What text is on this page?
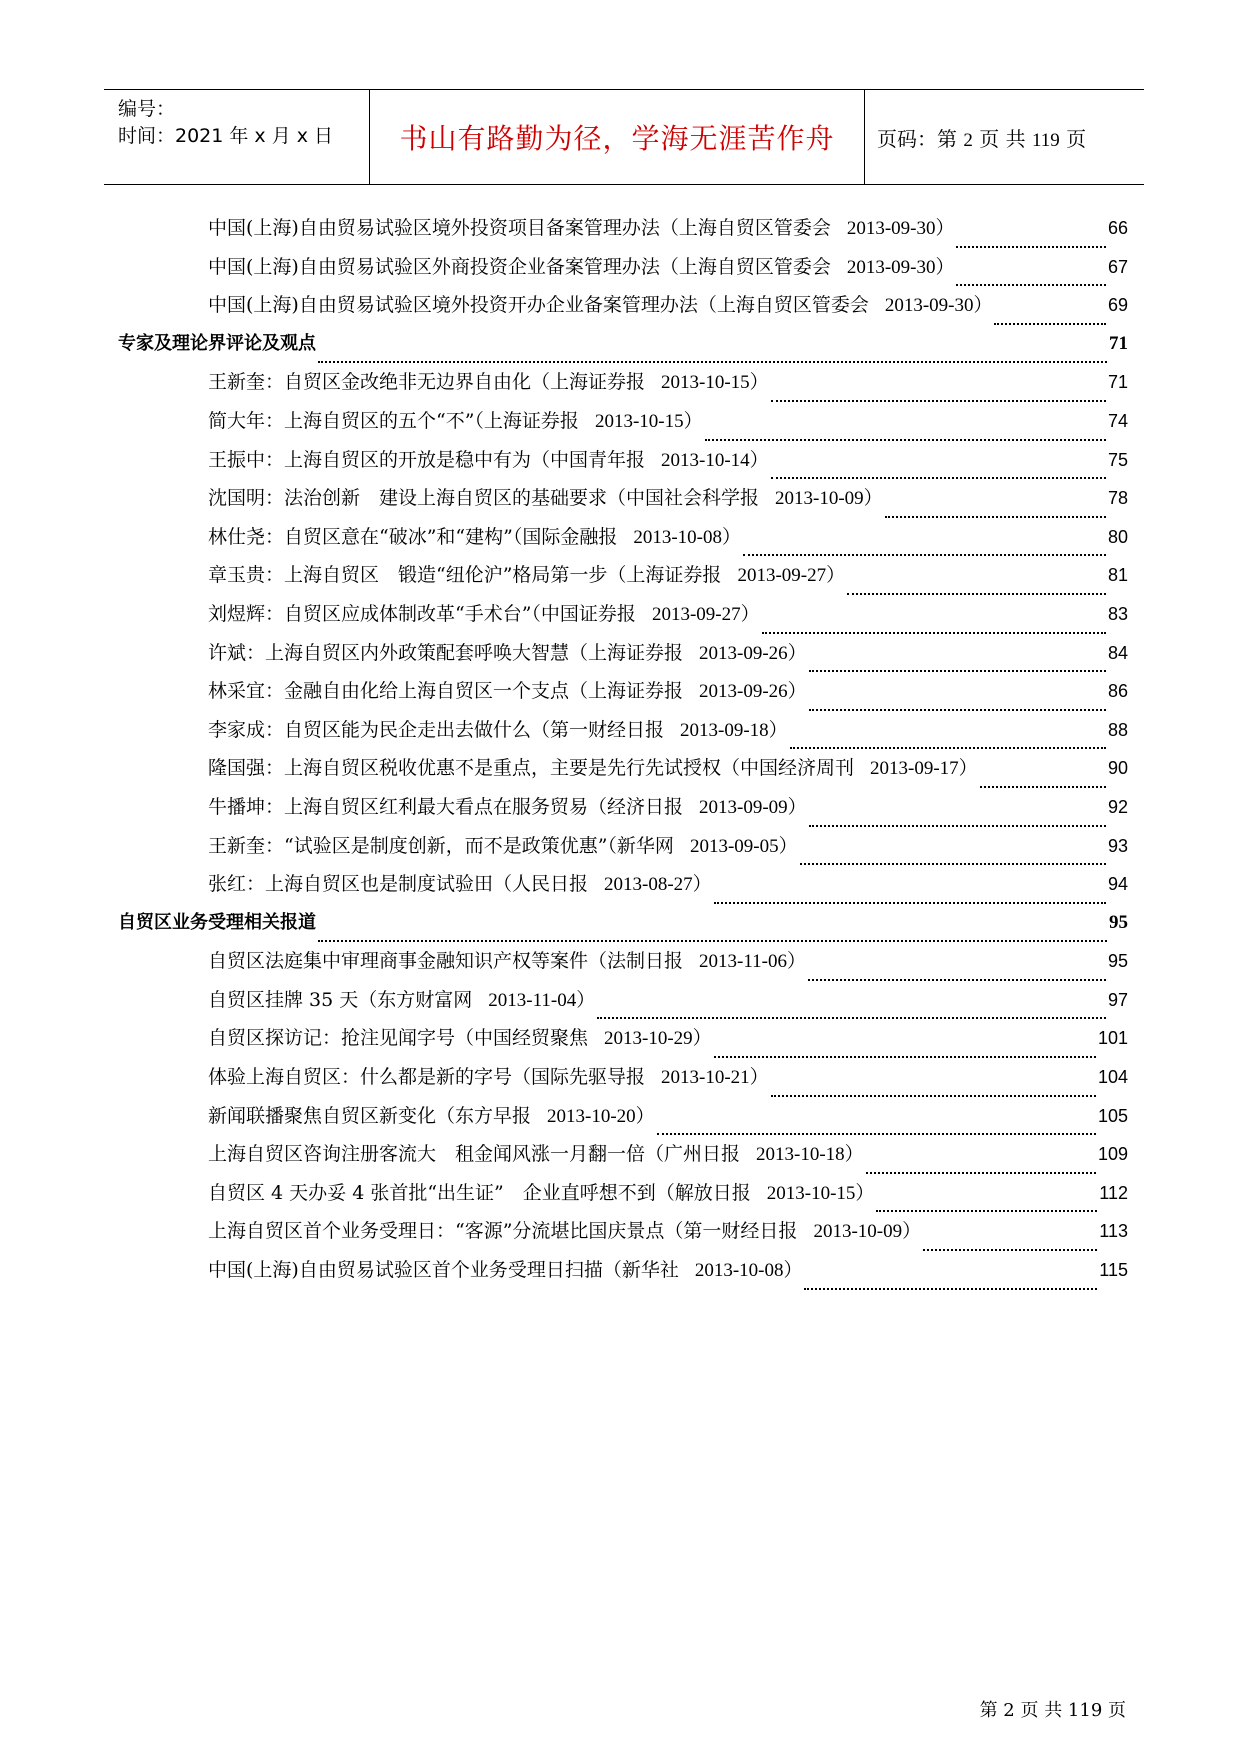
编号：
时间：2021 年 x 月 x 日 书山有路勤为径，学海无涯苦作舟 页码：第 2 页 共 119 页
中国(上海)自由贸易试验区境外投资项目备案管理办法（上海自贸区管委会 2013-09-30）	66
中国(上海)自由贸易试验区外商投资企业备案管理办法（上海自贸区管委会 2013-09-30）	67
中国(上海)自由贸易试验区境外投资开办企业备案管理办法（上海自贸区管委会 2013-09-30）	69
专家及理论界评论及观点	71
王新奎：自贸区金改绝非无边界自由化（上海证券报 2013-10-15）	71
简大年：上海自贸区的五个“不”（上海证券报 2013-10-15）	74
王振中：上海自贸区的开放是稳中有为（中国青年报 2013-10-14）	75
沈国明：法治创新　建设上海自贸区的基础要求（中国社会科学报 2013-10-09）	78
林仕尧：自贸区意在“破冰”和“建构”（国际金融报 2013-10-08）	80
章玉贵：上海自贸区　锻造“纽伦沪”格局第一步（上海证券报 2013-09-27）	81
刘煜辉：自贸区应成体制改革“手术台”（中国证券报 2013-09-27）	83
许斌：上海自贸区内外政策配套呼唤大智慧（上海证券报 2013-09-26）	84
林采宜：金融自由化给上海自贸区一个支点（上海证券报 2013-09-26）	86
李家成：自贸区能为民企走出去做什么（第一财经日报 2013-09-18）	88
隆国强：上海自贸区税收优惠不是重点，主要是先行先试授权（中国经济周刊 2013-09-17）	90
牛播坤：上海自贸区红利最大看点在服务贸易（经济日报 2013-09-09）	92
王新奎：“试验区是制度创新，而不是政策优惠”（新华网 2013-09-05）	93
张红：上海自贸区也是制度试验田（人民日报 2013-08-27）	94
自贸区业务受理相关报道	95
自贸区法庭集中审理商事金融知识产权等案件（法制日报 2013-11-06）	95
自贸区挂牌 35 天（东方财富网 2013-11-04）	97
自贸区探访记：抢注见闻字号（中国经贸聚焦 2013-10-29）	101
体验上海自贸区：什么都是新的字号（国际先驱导报 2013-10-21）	104
新闻联播聚焦自贸区新变化（东方早报 2013-10-20）	105
上海自贸区咨询注册客流大　租金闻风涨一月翻一倍（广州日报 2013-10-18）	109
自贸区 4 天办妥 4 张首批“出生证”　企业直呼想不到（解放日报 2013-10-15）	112
上海自贸区首个业务受理日：“客源”分流堪比国庆景点（第一财经日报 2013-10-09）	113
中国(上海)自由贸易试验区首个业务受理日扫描（新华社 2013-10-08）	115
第 2 页 共 119 页
